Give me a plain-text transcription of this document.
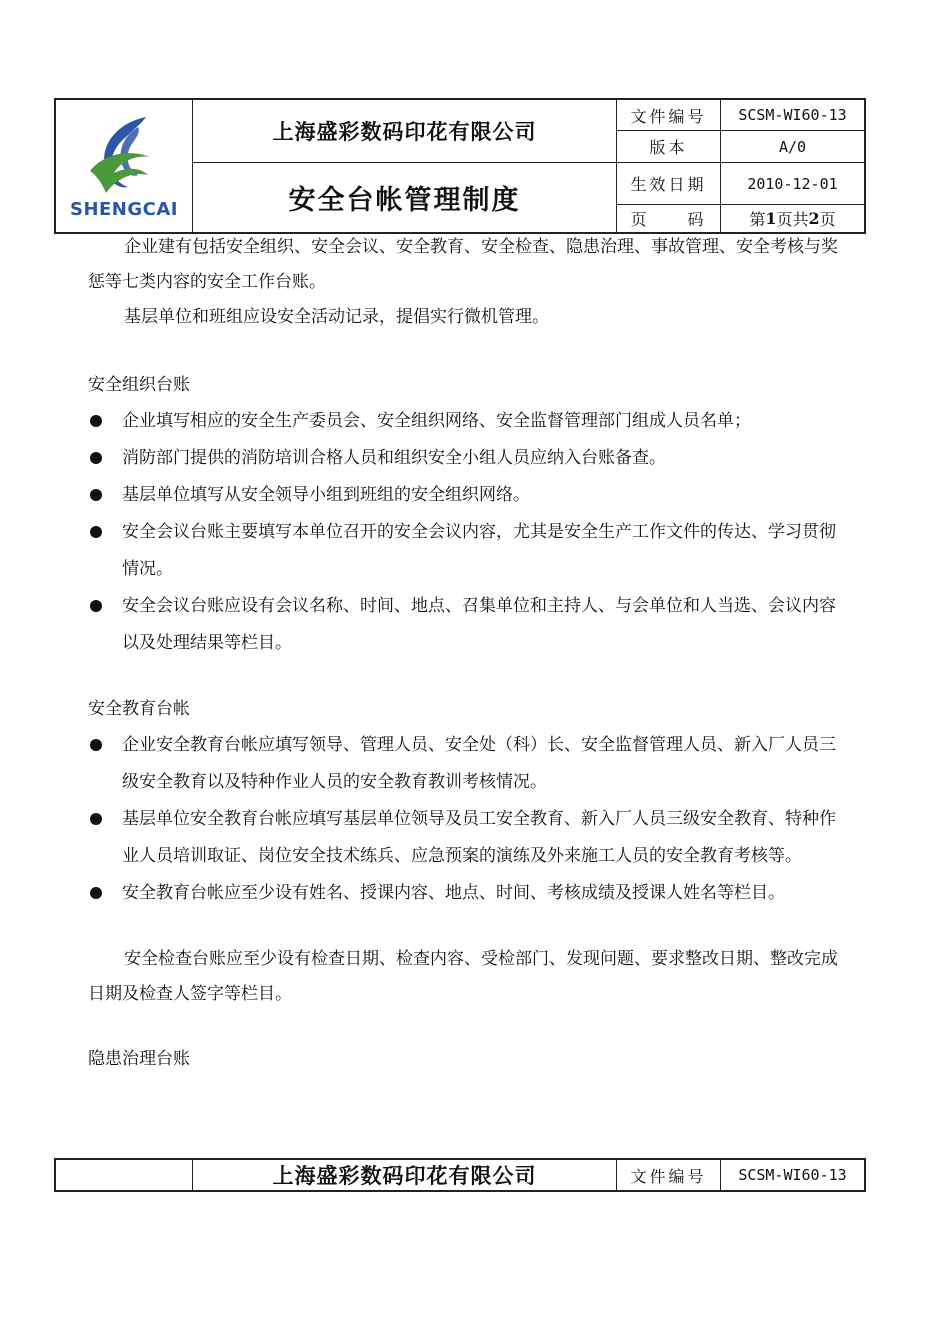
SHENGCAI
上海盛彩数码印花有限公司
安全台帐管理制度
文件编号	SCSM-WI60-13
版本	A/0
生效日期	2010-12-01
页　　码	第 1 页共 2 页

企业建有包括安全组织、安全会议、安全教育、安全检查、隐患治理、事故管理、安全考核与奖惩等七类内容的安全工作台账。

基层单位和班组应设安全活动记录，提倡实行微机管理。

安全组织台账

企业填写相应的安全生产委员会、安全组织网络、安全监督管理部门组成人员名单；

消防部门提供的消防培训合格人员和组织安全小组人员应纳入台账备查。

基层单位填写从安全领导小组到班组的安全组织网络。

安全会议台账主要填写本单位召开的安全会议内容，尤其是安全生产工作文件的传达、学习贯彻情况。

安全会议台账应设有会议名称、时间、地点、召集单位和主持人、与会单位和人当选、会议内容以及处理结果等栏目。

安全教育台帐

企业安全教育台帐应填写领导、管理人员、安全处（科）长、安全监督管理人员、新入厂人员三级安全教育以及特种作业人员的安全教育教训考核情况。

基层单位安全教育台帐应填写基层单位领导及员工安全教育、新入厂人员三级安全教育、特种作业人员培训取证、岗位安全技术练兵、应急预案的演练及外来施工人员的安全教育考核等。

安全教育台帐应至少设有姓名、授课内容、地点、时间、考核成绩及授课人姓名等栏目。

安全检查台账应至少设有检查日期、检查内容、受检部门、发现问题、要求整改日期、整改完成日期及检查人签字等栏目。

隐患治理台账

上海盛彩数码印花有限公司	文件编号	SCSM-WI60-13
